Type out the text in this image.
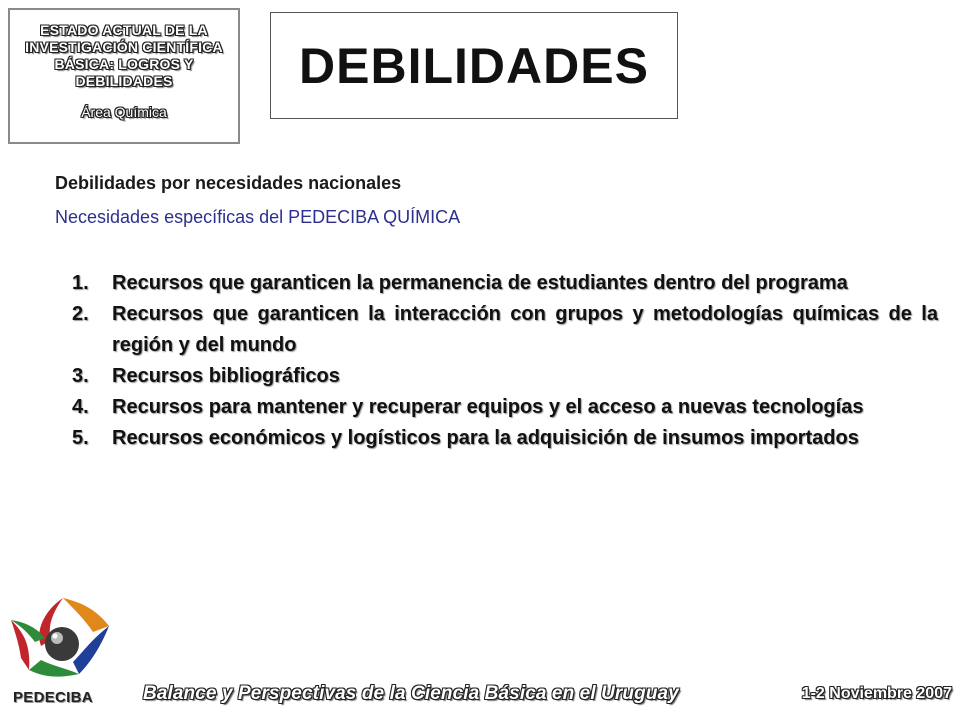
ESTADO ACTUAL DE LA INVESTIGACIÓN CIENTÍFICA BÁSICA: LOGROS Y DEBILIDADES
Área Química
DEBILIDADES
Debilidades por necesidades nacionales
Necesidades específicas del PEDECIBA QUÍMICA
1. Recursos que garanticen la permanencia de estudiantes dentro del programa
2. Recursos que garanticen la interacción con grupos y metodologías químicas de la región y del mundo
3. Recursos bibliográficos
4. Recursos para mantener y recuperar equipos y el acceso a nuevas tecnologías
5. Recursos económicos y logísticos para la adquisición de insumos importados
PEDECIBA	Balance y Perspectivas de la Ciencia Básica en el Uruguay	1-2 Noviembre 2007
